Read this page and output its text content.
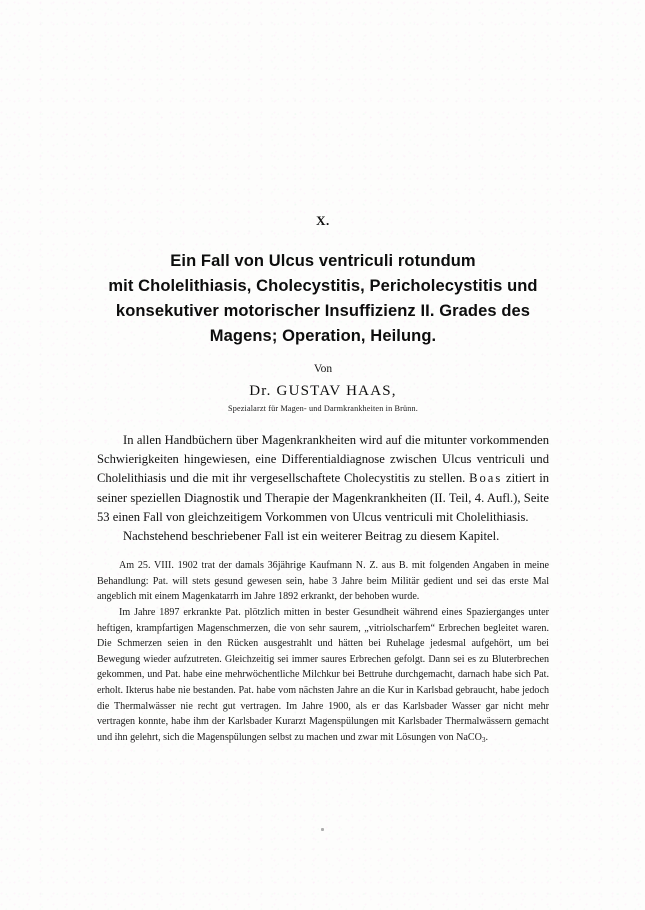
X.
Ein Fall von Ulcus ventriculi rotundum
mit Cholelithiasis, Cholecystitis, Pericholecystitis und
konsekutiver motorischer Insuffizienz II. Grades des
Magens; Operation, Heilung.
Von
Dr. GUSTAV HAAS,
Spezialarzt für Magen- und Darmkrankheiten in Brünn.

In allen Handbüchern über Magenkrankheiten wird auf die mitunter vorkommenden Schwierigkeiten hingewiesen, eine Differentialdiagnose zwischen Ulcus ventriculi und Cholelithiasis und die mit ihr vergesellschaftete Cholecystitis zu stellen. Boas zitiert in seiner speziellen Diagnostik und Therapie der Magenkrankheiten (II. Teil, 4. Aufl.), Seite 53 einen Fall von gleichzeitigem Vorkommen von Ulcus ventriculi mit Cholelithiasis.

Nachstehend beschriebener Fall ist ein weiterer Beitrag zu diesem Kapitel.

Am 25. VIII. 1902 trat der damals 36jährige Kaufmann N. Z. aus B. mit folgenden Angaben in meine Behandlung: Pat. will stets gesund gewesen sein, habe 3 Jahre beim Militär gedient und sei das erste Mal angeblich mit einem Magenkatarrh im Jahre 1892 erkrankt, der behoben wurde.

Im Jahre 1897 erkrankte Pat. plötzlich mitten in bester Gesundheit während eines Spazierganges unter heftigen, krampfartigen Magenschmerzen, die von sehr saurem, „vitriolscharfem“ Erbrechen begleitet waren. Die Schmerzen seien in den Rücken ausgestrahlt und hätten bei Ruhelage jedesmal aufgehört, um bei Bewegung wieder aufzutreten. Gleichzeitig sei immer saures Erbrechen gefolgt. Dann sei es zu Bluterbrechen gekommen, und Pat. habe eine mehrwöchentliche Milchkur bei Bettruhe durchgemacht, darnach habe sich Pat. erholt. Ikterus habe nie bestanden. Pat. habe vom nächsten Jahre an die Kur in Karlsbad gebraucht, habe jedoch die Thermalwässer nie recht gut vertragen. Im Jahre 1900, als er das Karlsbader Wasser gar nicht mehr vertragen konnte, habe ihm der Karlsbader Kurarzt Magenspülungen mit Karlsbader Thermalwässern gemacht und ihn gelehrt, sich die Magenspülungen selbst zu machen und zwar mit Lösungen von NaCO$_3$.
